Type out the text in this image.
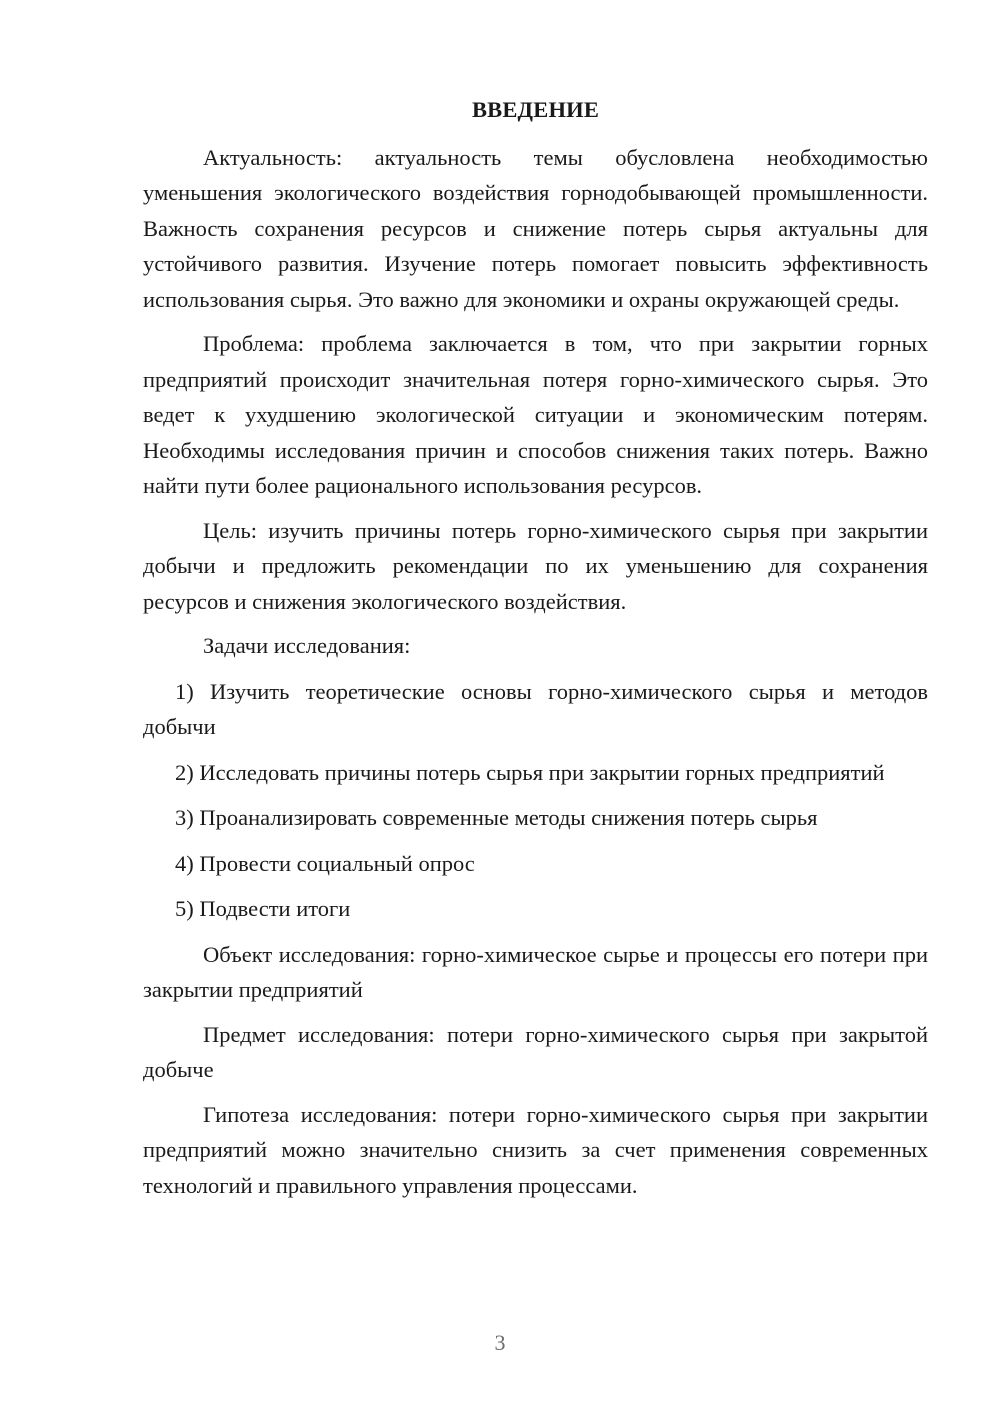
ВВЕДЕНИЕ

Актуальность: актуальность темы обусловлена необходимостью уменьшения экологического воздействия горнодобывающей промышленности. Важность сохранения ресурсов и снижение потерь сырья актуальны для устойчивого развития. Изучение потерь помогает повысить эффективность использования сырья. Это важно для экономики и охраны окружающей среды.

Проблема: проблема заключается в том, что при закрытии горных предприятий происходит значительная потеря горно-химического сырья. Это ведет к ухудшению экологической ситуации и экономическим потерям. Необходимы исследования причин и способов снижения таких потерь. Важно найти пути более рационального использования ресурсов.

Цель: изучить причины потерь горно-химического сырья при закрытии добычи и предложить рекомендации по их уменьшению для сохранения ресурсов и снижения экологического воздействия.

Задачи исследования:

1) Изучить теоретические основы горно-химического сырья и методов добычи

2) Исследовать причины потерь сырья при закрытии горных предприятий

3) Проанализировать современные методы снижения потерь сырья

4) Провести социальный опрос

5) Подвести итоги

Объект исследования: горно-химическое сырье и процессы его потери при закрытии предприятий

Предмет исследования: потери горно-химического сырья при закрытой добыче

Гипотеза исследования: потери горно-химического сырья при закрытии предприятий можно значительно снизить за счет применения современных технологий и правильного управления процессами.

3
